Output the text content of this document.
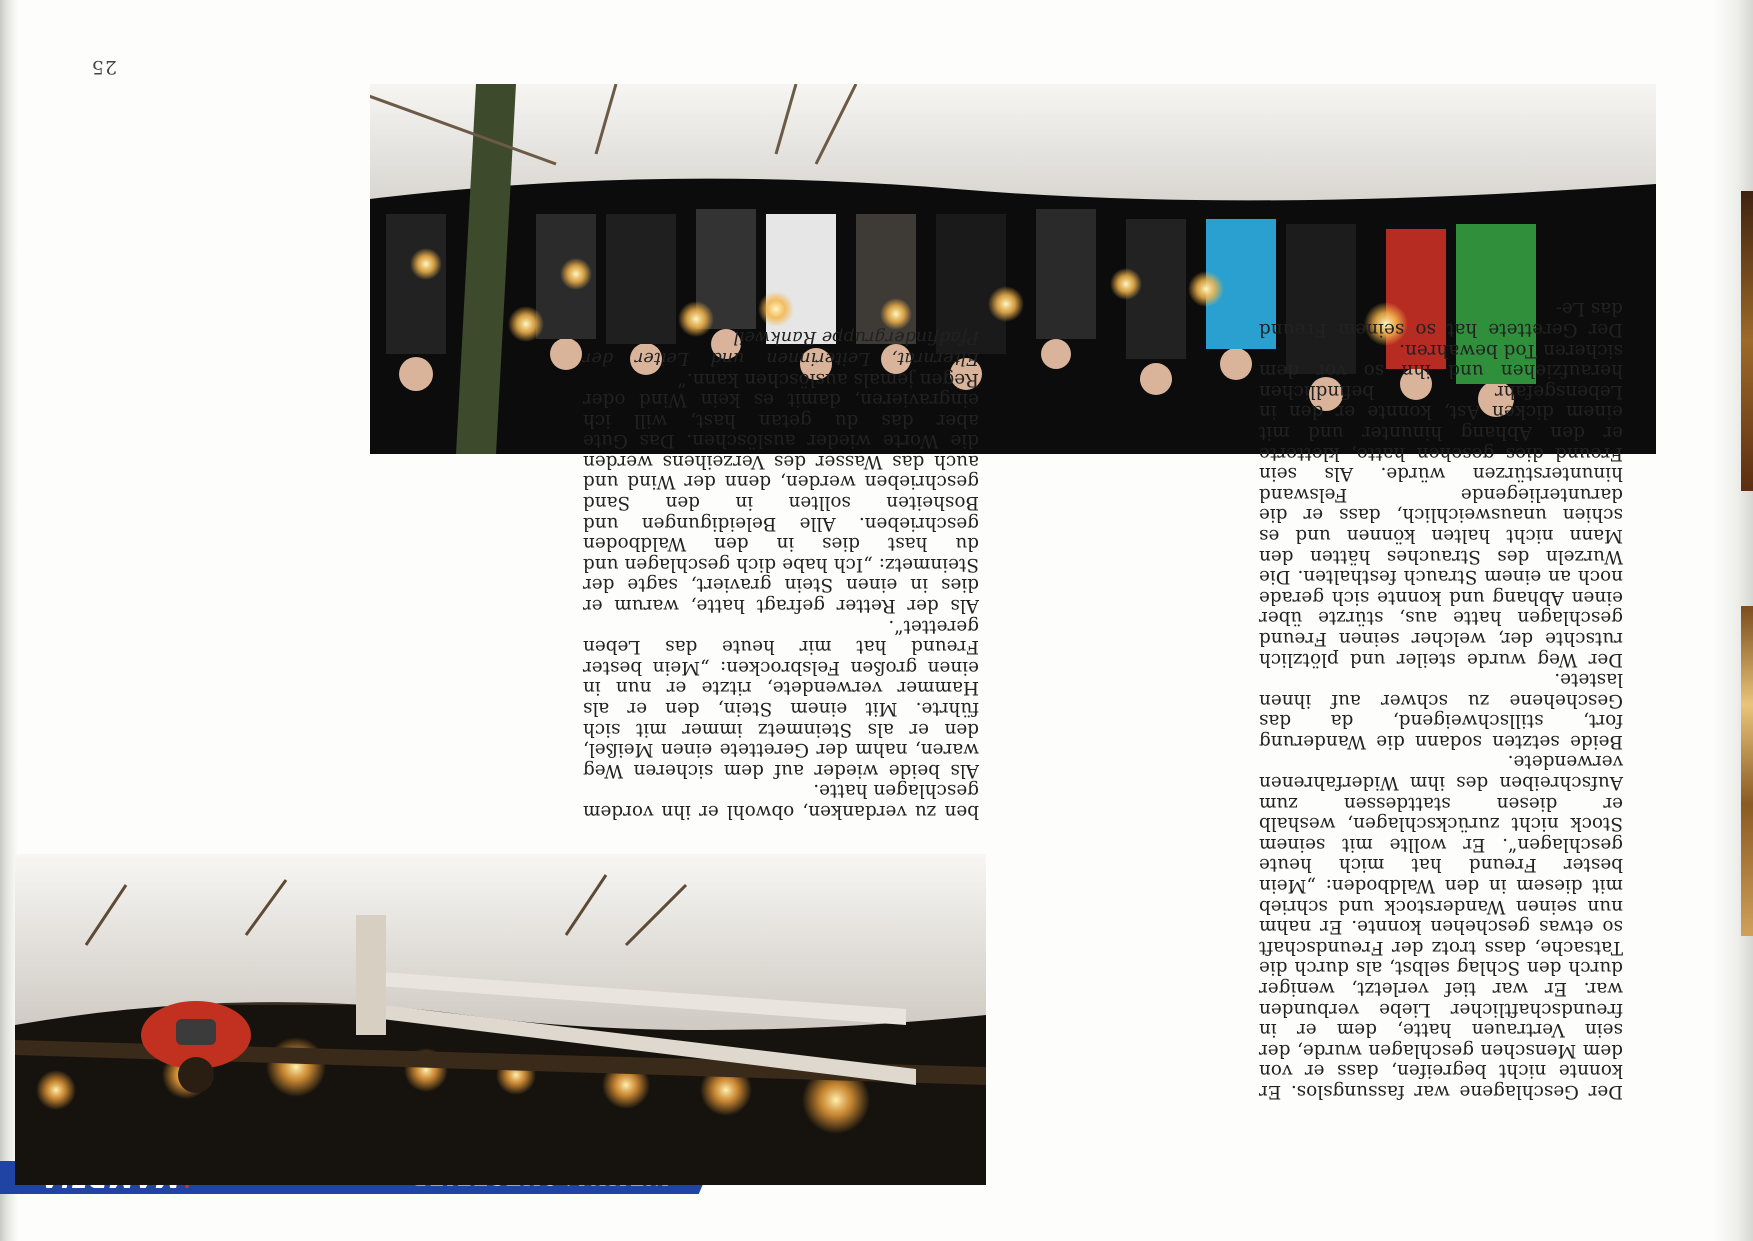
Der Geschlagene war fassungslos. Er konnte nicht begreifen, dass er von dem Menschen geschlagen wurde, der sein Vertrauen hatte, dem er in freundschaftlicher Liebe verbunden war. Er war tief verletzt, weniger durch den Schlag selbst, als durch die Tatsache, dass trotz der Freundschaft so etwas geschehen konnte. Er nahm nun seinen Wanderstock und schrieb mit diesem in den Waldboden: „Mein bester Freund hat mich heute geschlagen“. Er wollte mit seinem Stock nicht zurückschlagen, weshalb er diesen stattdessen zum Aufschreiben des ihm Widerfahrenen verwendete.

Beide setzten sodann die Wanderung fort, stillschweigend, da das Geschehene zu schwer auf ihnen lastete.

Der Weg wurde steiler und plötzlich rutschte der, welcher seinen Freund geschlagen hatte aus, stürzte über einen Abhang und konnte sich gerade noch an einem Strauch festhalten. Die Wurzeln des Strauches hätten den Mann nicht halten können und es schien unausweichlich, dass er die darunterliegende Felswand hinunterstürzen würde. Als sein Freund dies gesehen hatte, kletterte er den Abhang hinunter und mit einem dicken Ast, konnte er den in Lebensgefahr befindlichen heraufziehen und ihn so vor dem sicheren Tod bewahren.

Der Gerettete hat so seinem Freund das Le-

ben zu verdanken, obwohl er ihn vordem geschlagen hatte.

Als beide wieder auf dem sicheren Weg waren, nahm der Gerettete einen Meißel, den er als Steinmetz immer mit sich führte. Mit einem Stein, den er als Hammer verwendete, ritzte er nun in einen großen Felsbrocken: „Mein bester Freund hat mir heute das Leben gerettet“.

Als der Retter gefragt hatte, warum er dies in einen Stein graviert, sagte der Steinmetz: „Ich habe dich geschlagen und du hast dies in den Waldboden geschrieben. Alle Beleidigungen und Bosheiten sollten in den Sand geschrieben werden, denn der Wind und auch das Wasser des Verzeihens werden die Worte wieder auslöschen. Das Gute aber das du getan hast, will ich eingravieren, damit es kein Wind oder Regen jemals auslöschen kann.“

Elternrat, Leiterinnen und Leiter der Pfadfindergruppe Rankweil

25
